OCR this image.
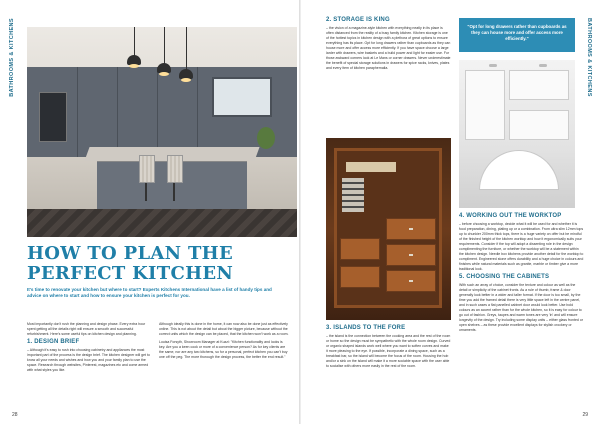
BATHROOMS & KITCHENS	BATHROOMS & KITCHENS
HOW TO PLAN THE
PERFECT KITCHEN
It's time to renovate your kitchen but where to start? Experts Kitchens International have a list of handy tips and advice on where to start and how to ensure your kitchen is perfect for you.

Most importantly don't rush the planning and design phase. Every extra hour spent getting all the details right will ensure a smooth and successful refurbishment. Here's some useful tips on kitchen design and planning.

1. DESIGN BRIEF

– Although it's easy to rush into choosing cabinetry and appliances the most important part of the process is the design brief. The kitchen designer will get to know all your needs and wishes and how you and your family plan to use the space. Research through websites, Pinterest, magazines etc and come armed with what styles you like.

Although ideally this is done in the home, it can now also be done just as effectively online. This is not about the detail but about the bigger picture, because without the correct units which the design can be placed, that the kitchen won't work as a room.

Louisa Forsyth, Showroom Manager at Kuzzi: "Kitchen functionality and looks is key. Are you a keen cook or more of a convenience person? As for key clients are the same, nor are any two kitchens, so for a personal, perfect kitchen you can't buy one off the peg. The more thorough the design process, the better the end result."

28
2. STORAGE IS KING

– the vision of a magazine-style kitchen with everything neatly in its place is often distanced from the reality of a busy family kitchen. Kitchen storage is one of the hottest topics in kitchen design with a plethora of great options to ensure everything has its place. Opt for long drawers rather than cupboards as they can house more and offer access more efficiently. If you have space choose a large larder with drawers, wire baskets and a build power and light for easier use. For those awkward corners look at Le Mans or corner drawers. Never underestimate the benefit of special storage solutions in drawers for spice racks, knives, plates and every item of kitchen paraphernalia.

"Opt for long drawers rather than cupboards as they can house more and offer access more efficiently."
3. ISLANDS TO THE FORE

– the island is the connection between the cooking area and the rest of the room or home so the design must be sympathetic with the whole room design. Curved or organic shaped islands work well where you want to soften curves and make it more pleasing to the eye. If possible, incorporate a dining space, such as a breakfast bar, so the island will become the focus of the room. Housing the hob and/or a sink on the island will make it a more sociable space with the user able to socialise with others more easily in the rest of the room.

4. WORKING OUT THE WORKTOP

– before choosing a worktop, decide what it will be used for and whether it is food preparation, dining, plating up or a combination. From ultra slim 12mm tops up to chunkier 200mm thick tops, there is a huge variety on offer but be mindful of the finished height of the kitchen worktop and how it ergonomically suits your requirements. Consider if the top will adopt a dissenting role in the design complimenting the furniture, or whether the worktop will be a statement within the kitchen design. Needle box kitchens provide another detail for the worktop to compliment. Engineered stone offers durability and a huge choice in colours and finishes while natural materials such as granite, marble or timber give a more traditional look.

5. CHOOSING THE CABINETS

With such an array of choice, consider the texture and colour as well as the detail or simplicity of the cabinet fronts. As a rule of thumb, frame & door generally look better in a wider and taller format. If the door is too small, by the time you add the framed detail there is very little space left in the centre panel, and in such cases a flat panelled cabinet door would look better. Use bold colours as an accent rather than for the whole kitchen, so it is easy for colour to go out of fashion. Greys, taupes and warm tones are very 'in' and will ensure longevity of the design. Try including some display units – either glass fronted or open shelves – as these provide excellent displays for stylish crockery or ornaments.

29
